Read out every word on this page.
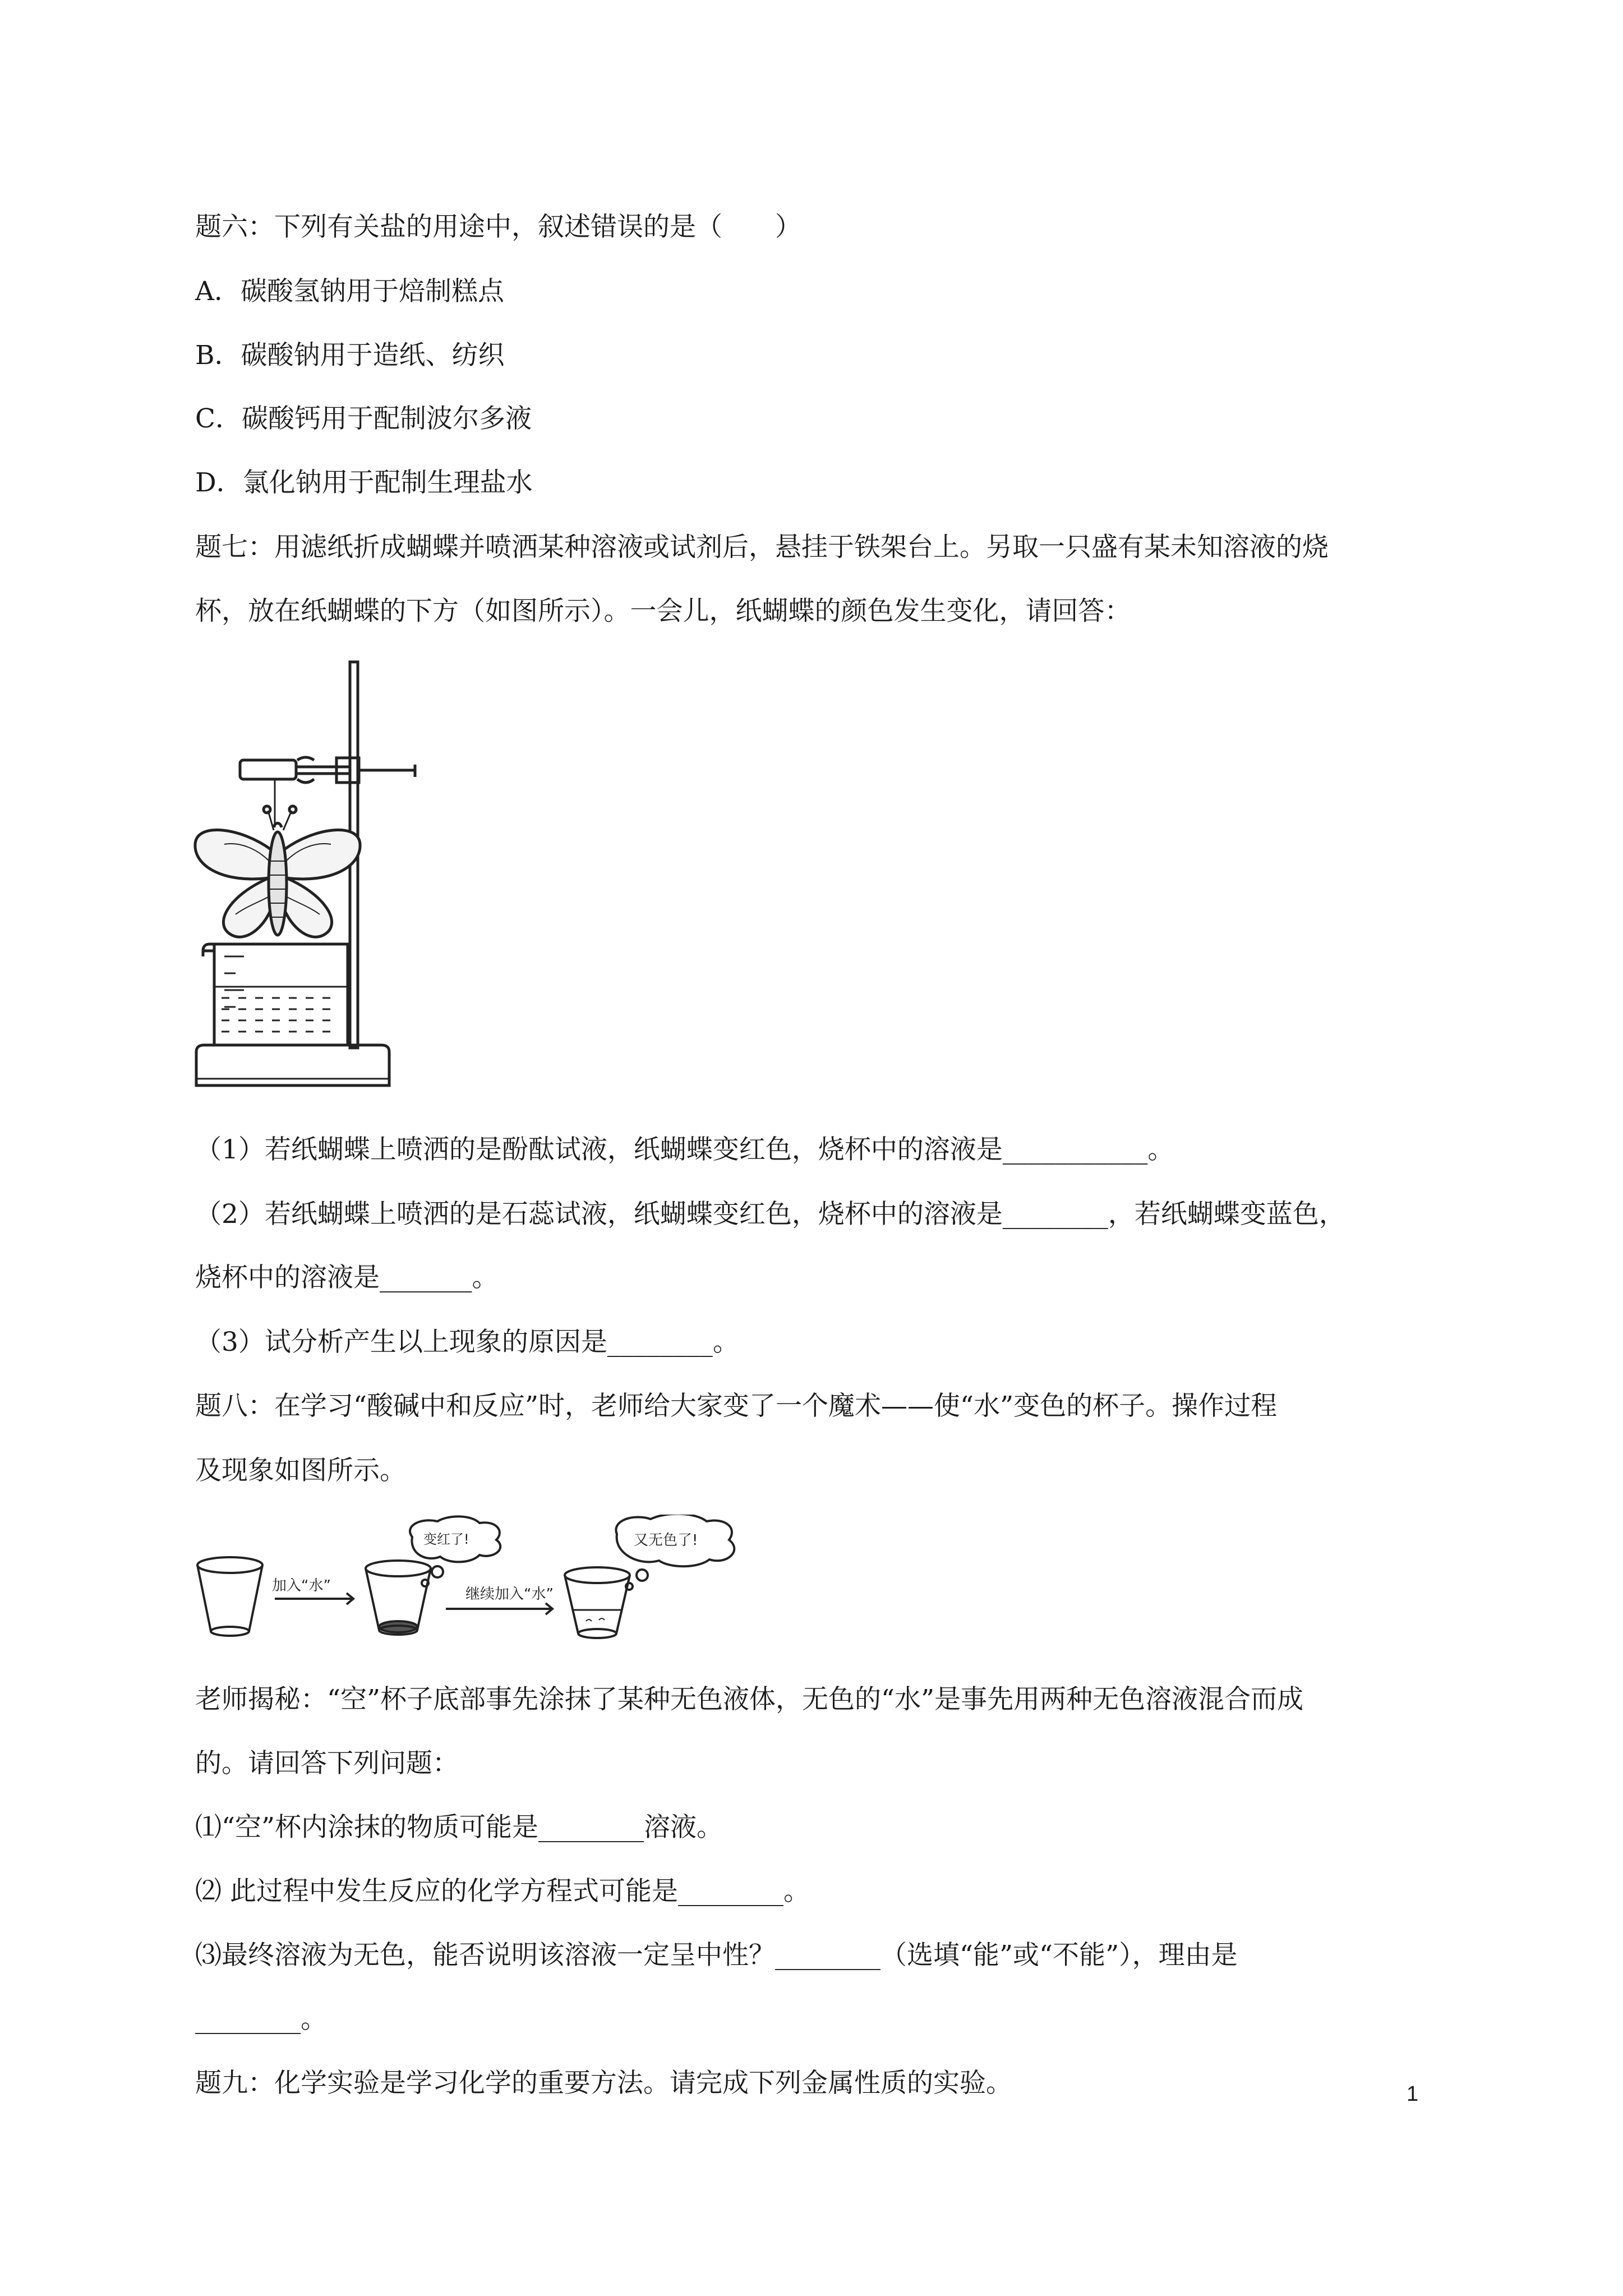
题六：下列有关盐的用途中，叙述错误的是（　　）

A．碳酸氢钠用于焙制糕点

B．碳酸钠用于造纸、纺织

C．碳酸钙用于配制波尔多液

D．氯化钠用于配制生理盐水

题七：用滤纸折成蝴蝶并喷洒某种溶液或试剂后，悬挂于铁架台上。另取一只盛有某未知溶液的烧

杯，放在纸蝴蝶的下方（如图所示）。一会儿，纸蝴蝶的颜色发生变化，请回答：

（1）若纸蝴蝶上喷洒的是酚酞试液，纸蝴蝶变红色，烧杯中的溶液是___________。

（2）若纸蝴蝶上喷洒的是石蕊试液，纸蝴蝶变红色，烧杯中的溶液是________，若纸蝴蝶变蓝色，

烧杯中的溶液是_______。

（3）试分析产生以上现象的原因是________。

题八：在学习“酸碱中和反应”时，老师给大家变了一个魔术——使“水”变色的杯子。操作过程

及现象如图所示。

加入“水”
变红了!
继续加入“水”
又无色了!

老师揭秘：“空”杯子底部事先涂抹了某种无色液体，无色的“水”是事先用两种无色溶液混合而成

的。请回答下列问题：

⑴“空”杯内涂抹的物质可能是________溶液。

⑵ 此过程中发生反应的化学方程式可能是________。

⑶最终溶液为无色，能否说明该溶液一定呈中性？________（选填“能”或“不能”），理由是

________。

题九：化学实验是学习化学的重要方法。请完成下列金属性质的实验。	1
